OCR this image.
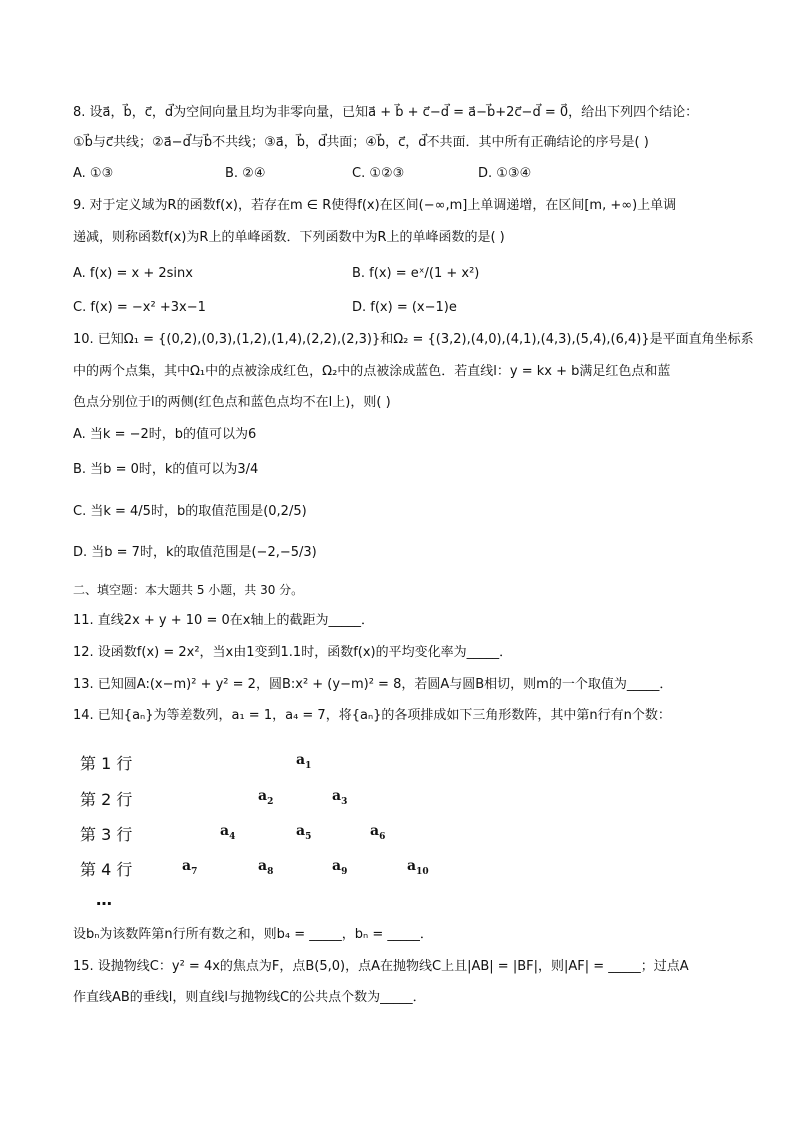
8. 设a⃗，b⃗，c⃗，d⃗为空间向量且均为非零向量，已知a⃗ + b⃗ + c⃗−d⃗ = a⃗−b⃗+2c⃗−d⃗ = 0⃗，给出下列四个结论：
①b⃗与c⃗共线；②a⃗−d⃗与b⃗不共线；③a⃗，b⃗，d⃗共面；④b⃗，c⃗，d⃗不共面．其中所有正确结论的序号是( )
A. ①③	B. ②④	C. ①②③	D. ①③④
9. 对于定义域为R的函数f(x)，若存在m ∈ R使得f(x)在区间(−∞,m]上单调递增，在区间[m, +∞)上单调
递减，则称函数f(x)为R上的单峰函数．下列函数中为R上的单峰函数的是( )
A. f(x) = x + 2sinx	B. f(x) = eˣ/(1 + x²)
C. f(x) = −x² +3x−1	D. f(x) = (x−1)e
10. 已知Ω₁ = {(0,2),(0,3),(1,2),(1,4),(2,2),(2,3)}和Ω₂ = {(3,2),(4,0),(4,1),(4,3),(5,4),(6,4)}是平面直角坐标系
中的两个点集，其中Ω₁中的点被涂成红色，Ω₂中的点被涂成蓝色．若直线l：y = kx + b满足红色点和蓝
色点分别位于l的两侧(红色点和蓝色点均不在l上)，则( )
A. 当k = −2时，b的值可以为6
B. 当b = 0时，k的值可以为3/4
C. 当k = 4/5时，b的取值范围是(0,2/5)
D. 当b = 7时，k的取值范围是(−2,−5/3)
二、填空题：本大题共 5 小题，共 30 分。
11. 直线2x + y + 10 = 0在x轴上的截距为_____．
12. 设函数f(x) = 2x²，当x由1变到1.1时，函数f(x)的平均变化率为_____．
13. 已知圆A:(x−m)² + y² = 2，圆B:x² + (y−m)² = 8，若圆A与圆B相切，则m的一个取值为_____．
14. 已知{aₙ}为等差数列，a₁ = 1，a₄ = 7，将{aₙ}的各项排成如下三角形数阵，其中第n行有n个数：
第 1 行	$a_1$
第 2 行	$a_2$	$a_3$
第 3 行	$a_4$	$a_5$	$a_6$
第 4 行	$a_7$	$a_8$	$a_9$	$a_{10}$
…
设bₙ为该数阵第n行所有数之和，则b₄ = _____，bₙ = _____．
15. 设抛物线C：y² = 4x的焦点为F，点B(5,0)，点A在抛物线C上且|AB| = |BF|，则|AF| = _____；过点A
作直线AB的垂线l，则直线l与抛物线C的公共点个数为_____．
